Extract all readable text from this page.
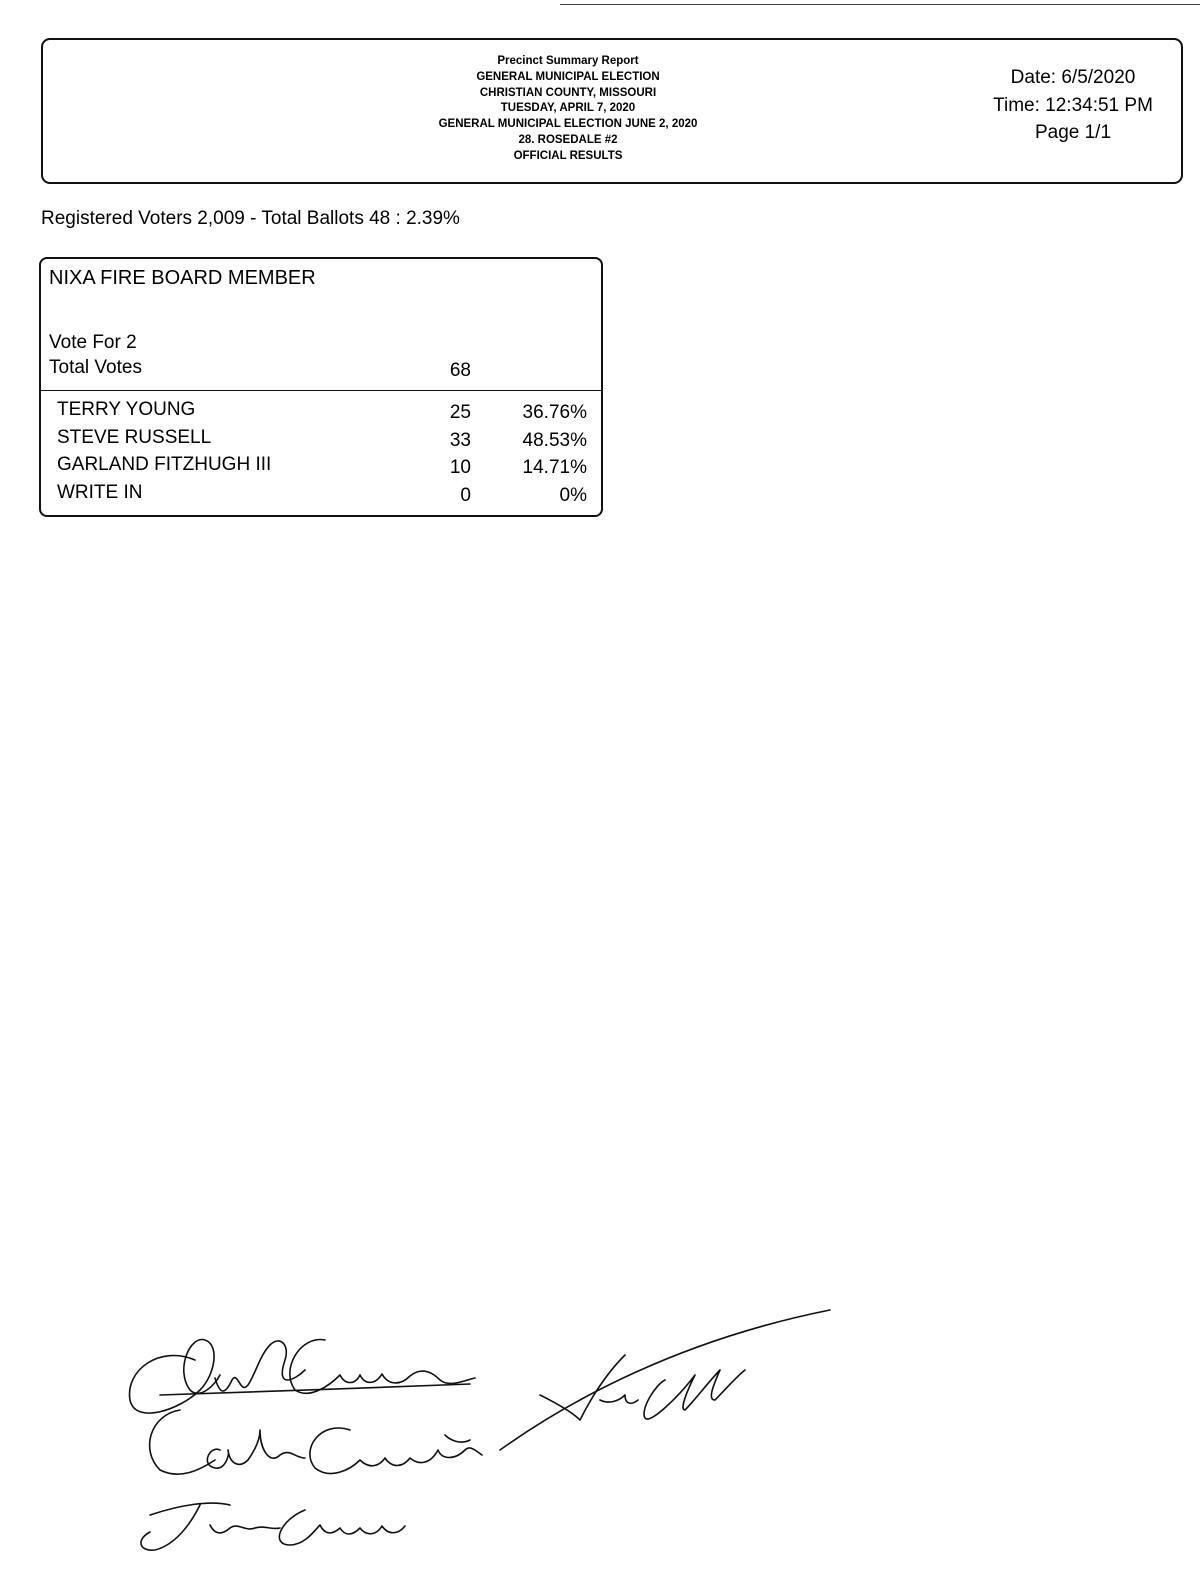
Precinct Summary Report
GENERAL MUNICIPAL ELECTION
CHRISTIAN COUNTY, MISSOURI
TUESDAY, APRIL 7, 2020
GENERAL MUNICIPAL ELECTION JUNE 2, 2020
28. ROSEDALE #2
OFFICIAL RESULTS
Date: 6/5/2020
Time: 12:34:51 PM
Page 1/1
Registered Voters 2,009 - Total Ballots 48 : 2.39%
NIXA FIRE BOARD MEMBER
Vote For 2
Total Votes	68
TERRY YOUNG	25	36.76%
STEVE RUSSELL	33	48.53%
GARLAND FITZHUGH III	10	14.71%
WRITE IN	0	0%
